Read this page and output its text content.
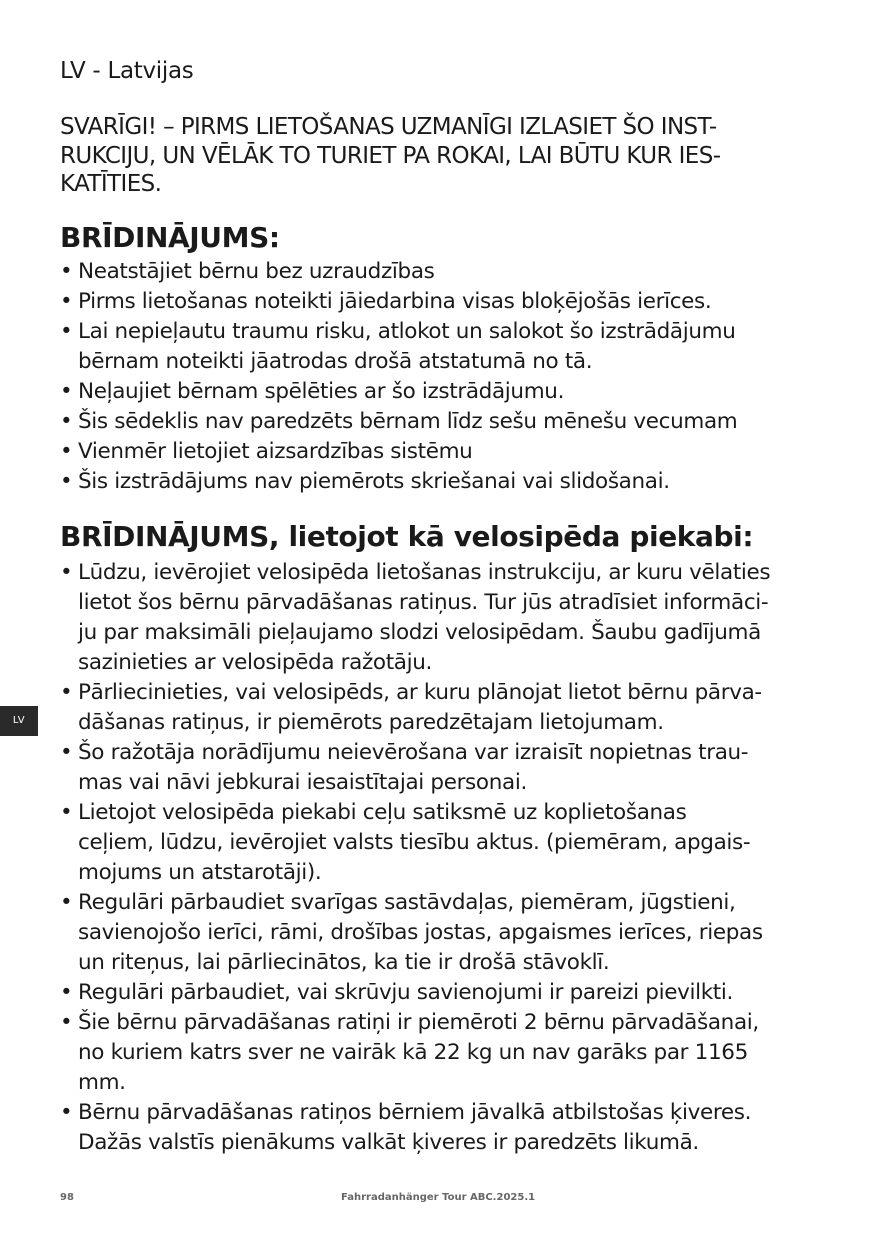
LV - Latvijas
SVARĪGI! – PIRMS LIETOŠANAS UZMANĪGI IZLASIET ŠO INST-
RUKCIJU, UN VĒLĀK TO TURIET PA ROKAI, LAI BŪTU KUR IES-
KATĪTIES.
BRĪDINĀJUMS:
• Neatstājiet bērnu bez uzraudzības
• Pirms lietošanas noteikti jāiedarbina visas bloķējošās ierīces.
• Lai nepieļautu traumu risku, atlokot un salokot šo izstrādājumu
bērnam noteikti jāatrodas drošā atstatumā no tā.
• Neļaujiet bērnam spēlēties ar šo izstrādājumu.
• Šis sēdeklis nav paredzēts bērnam līdz sešu mēnešu vecumam
• Vienmēr lietojiet aizsardzības sistēmu
• Šis izstrādājums nav piemērots skriešanai vai slidošanai.
BRĪDINĀJUMS, lietojot kā velosipēda piekabi:
• Lūdzu, ievērojiet velosipēda lietošanas instrukciju, ar kuru vēlaties
lietot šos bērnu pārvadāšanas ratiņus. Tur jūs atradīsiet informāci-
ju par maksimāli pieļaujamo slodzi velosipēdam. Šaubu gadījumā
sazinieties ar velosipēda ražotāju.
• Pārliecinieties, vai velosipēds, ar kuru plānojat lietot bērnu pārva-
dāšanas ratiņus, ir piemērots paredzētajam lietojumam.
• Šo ražotāja norādījumu neievērošana var izraisīt nopietnas trau-
mas vai nāvi jebkurai iesaistītajai personai.
• Lietojot velosipēda piekabi ceļu satiksmē uz koplietošanas
ceļiem, lūdzu, ievērojiet valsts tiesību aktus. (piemēram, apgais-
mojums un atstarotāji).
• Regulāri pārbaudiet svarīgas sastāvdaļas, piemēram, jūgstieni,
savienojošo ierīci, rāmi, drošības jostas, apgaismes ierīces, riepas
un riteņus, lai pārliecinātos, ka tie ir drošā stāvoklī.
• Regulāri pārbaudiet, vai skrūvju savienojumi ir pareizi pievilkti.
• Šie bērnu pārvadāšanas ratiņi ir piemēroti 2 bērnu pārvadāšanai,
no kuriem katrs sver ne vairāk kā 22 kg un nav garāks par 1165
mm.
• Bērnu pārvadāšanas ratiņos bērniem jāvalkā atbilstošas ķiveres.
Dažās valstīs pienākums valkāt ķiveres ir paredzēts likumā.
LV
98	Fahrradanhänger Tour ABC.2025.1
